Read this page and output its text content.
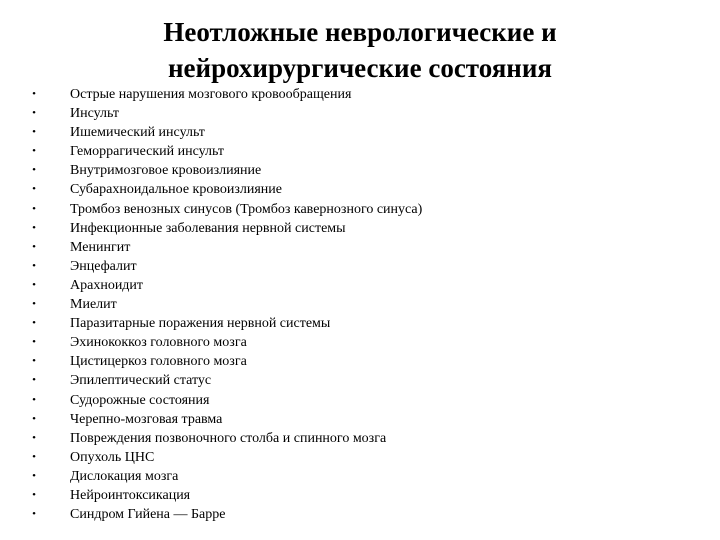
Неотложные неврологические и
нейрохирургические состояния
• Острые нарушения мозгового кровообращения
• Инсульт
• Ишемический инсульт
• Геморрагический инсульт
• Внутримозговое кровоизлияние
• Субарахноидальное кровоизлияние
• Тромбоз венозных синусов (Тромбоз кавернозного синуса)
• Инфекционные заболевания нервной системы
• Менингит
• Энцефалит
• Арахноидит
• Миелит
• Паразитарные поражения нервной системы
• Эхинококкоз головного мозга
• Цистицеркоз головного мозга
• Эпилептический статус
• Судорожные состояния
• Черепно-мозговая травма
• Повреждения позвоночного столба и спинного мозга
• Опухоль ЦНС
• Дислокация мозга
• Нейроинтоксикация
• Синдром Гийена — Барре
